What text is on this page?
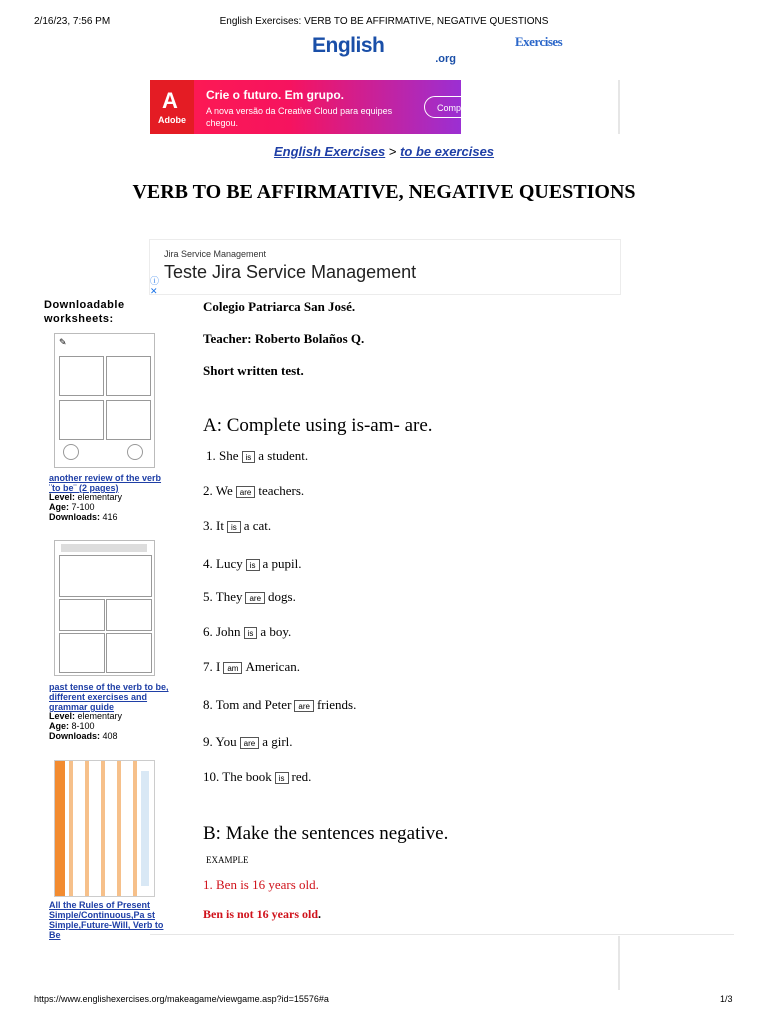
2/16/23, 7:56 PM	English Exercises: VERB TO BE AFFIRMATIVE, NEGATIVE QUESTIONS
English	Exercises
.org
A
Adobe
Crie o futuro. Em grupo.
A nova versão da Creative Cloud para equipes chegou.
Comp
English Exercises > to be exercises
VERB TO BE AFFIRMATIVE, NEGATIVE QUESTIONS
Jira Service Management
Teste Jira Service Management
ⓘ
✕
Downloadable worksheets:
✎
another review of the verb ¨to be¨ (2 pages)
Level: elementary
Age: 7-100
Downloads: 416
past tense of the verb to be, different exercises and grammar guide
Level: elementary
Age: 8-100
Downloads: 408
All the Rules of Present Simple/Continuous,Pa st Simple,Future-Will, Verb to Be
Colegio Patriarca San José.
Teacher: Roberto Bolaños Q.
Short written test.
A: Complete using is-am- are.
1. She is a student.
2. We are teachers.
3. It is a cat.
4. Lucy is a pupil.
5. They are dogs.
6. John is a boy.
7. I am American.
8. Tom and Peter are friends.
9. You are a girl.
10. The book is red.
B: Make the sentences negative.
EXAMPLE
1. Ben is 16 years old.
Ben is not 16 years old.
https://www.englishexercises.org/makeagame/viewgame.asp?id=15576#a	1/3
